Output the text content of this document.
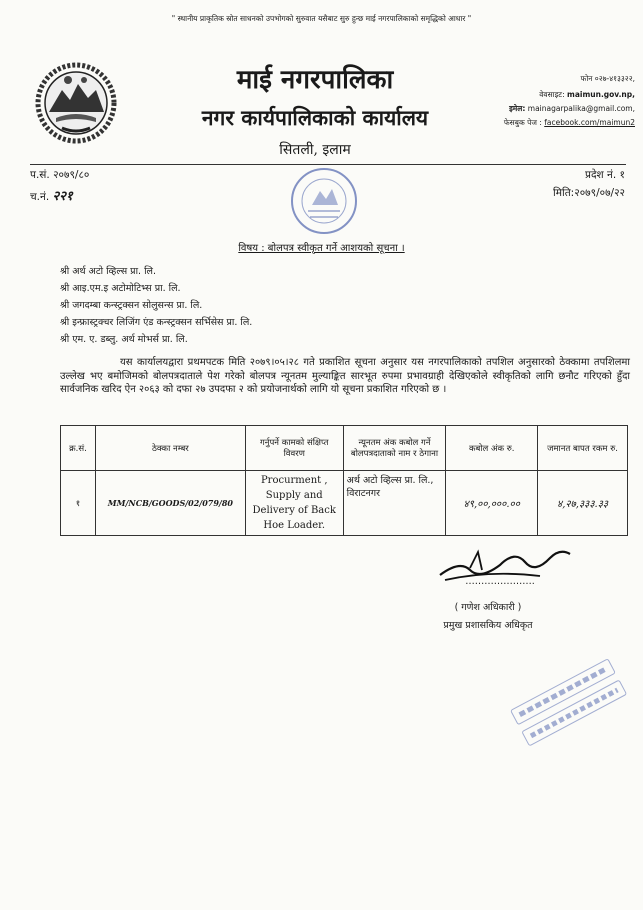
" स्थानीय प्राकृतिक स्रोत साधनको उपभोगको सुरुवात यसैबाट सुरु हुन्छ माई नगरपालिकाको समृद्धिको आधार "
माई नगरपालिका
नगर कार्यपालिकाको कार्यालय
सितली, इलाम
फोन ०२७-४१३३२२,
वेवसाइट: maimun.gov.np,
इमेल: mainagarpalika@gmail.com,
फेसबुक पेज : facebook.com/maimun2
प.सं. २०७९/८०
च.नं. २२१
प्रदेश नं. १
मिति:२०७९/०७/२२
विषय : बोलपत्र स्वीकृत गर्ने आशयको सूचना ।
श्री अर्थ अटो व्हिल्स प्रा. लि.
श्री आइ.एम.इ अटोमोटिभ्स प्रा. लि.
श्री जगदम्बा कन्स्ट्रक्सन सोलुसन्स प्रा. लि.
श्री इन्फ्रास्ट्रक्चर लिजिंग एंड कन्स्ट्रक्सन सर्भिसेस प्रा. लि.
श्री एम. ए. डब्लु. अर्थ मोभर्स प्रा. लि.
यस कार्यालयद्वारा प्रथमपटक मिति २०७९।०५।२८ गते प्रकाशित सूचना अनुसार यस नगरपालिकाको तपशिल अनुसारको ठेक्कामा तपशिलमा उल्लेख भए बमोजिमको बोलपत्रदाताले पेश गरेको बोलपत्र न्यूनतम मुल्याङ्कित सारभूत रुपमा प्रभावग्राही देखिएकोले स्वीकृतिको लागि छनौट गरिएको हुँदा सार्वजनिक खरिद ऐन २०६३ को दफा २७ उपदफा २ को प्रयोजनार्थको लागि यो सूचना प्रकाशित गरिएको छ ।
क्र.सं.	ठेक्का नम्बर	गर्नुपर्ने कामको संक्षिप्त विवरण	न्यूनतम अंक कबोल गर्ने बोलपत्रदाताको नाम र ठेगाना	कबोल अंक रु.	जमानत बापत रकम रु.
१	MM/NCB/GOODS/02/079/80	Procurment , Supply and Delivery of Back Hoe Loader.	अर्थ अटो व्हिल्स प्रा. लि., विराटनगर	४९,००,०००.००	४,२७,३३३.३३
………………….
( गणेश अधिकारी )
प्रमुख प्रशासकिय अधिकृत
